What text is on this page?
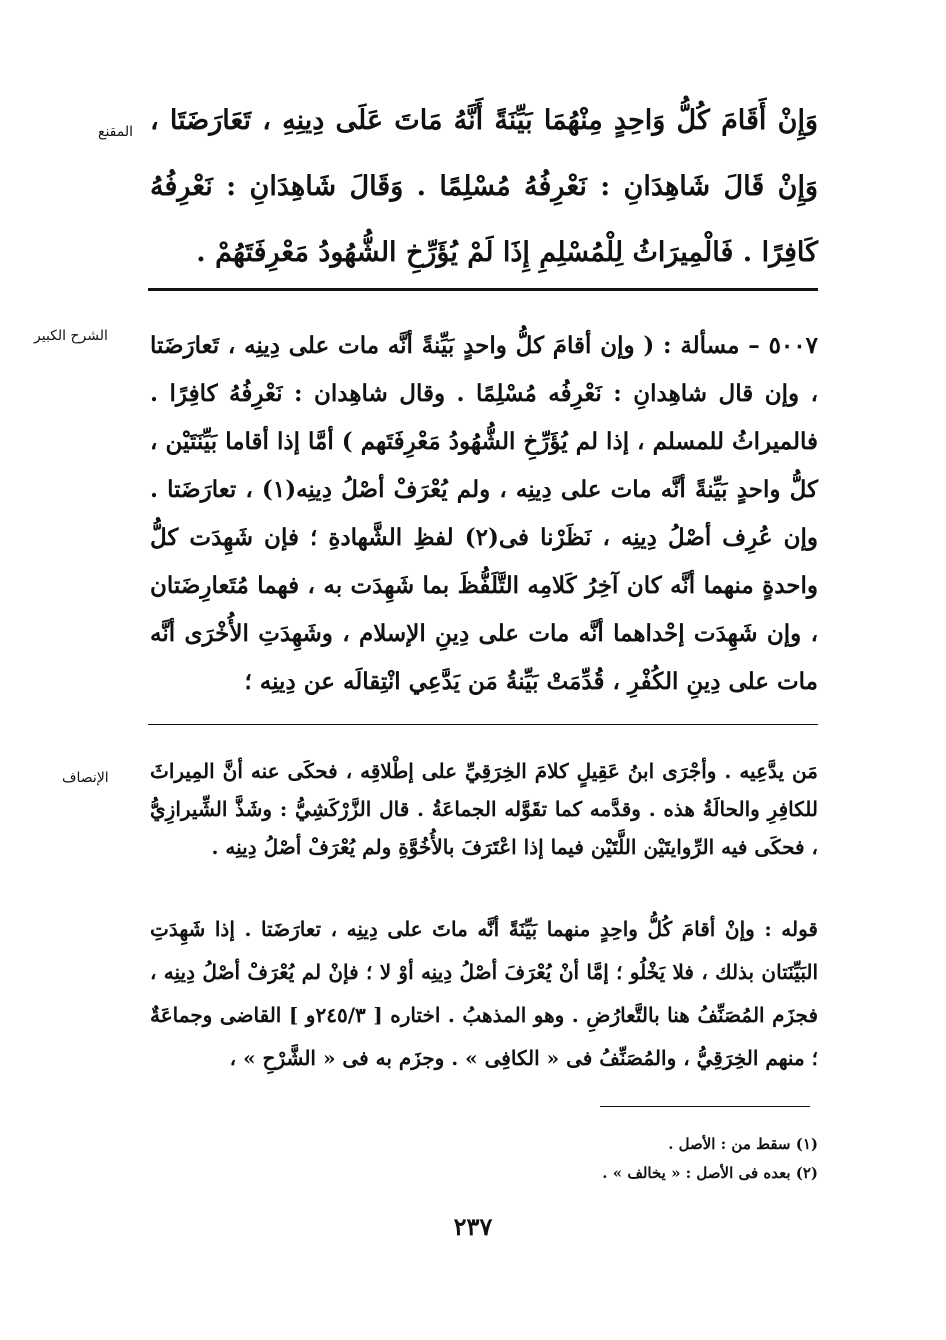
المقنع وَإِنْ أَقَامَ كُلُّ وَاحِدٍ مِنْهُمَا بَيِّنَةً أَنَّهُ مَاتَ عَلَى دِينِهِ ، تَعَارَضَتَا ، وَإِنْ قَالَ شَاهِدَانِ : نَعْرِفُهُ مُسْلِمًا . وَقَالَ شَاهِدَانِ : نَعْرِفُهُ كَافِرًا . فَالْمِيرَاثُ لِلْمُسْلِمِ إِذَا لَمْ يُؤَرِّخِ الشُّهُودُ مَعْرِفَتَهُمْ .
الشرح الكبير	٥٠٠٧ – مسألة : ( وإن أقامَ كلُّ واحدٍ بَيِّنةً أنَّه مات على دِينِه ، تَعارَضَتا ، وإن قال شاهِدانِ : نَعْرِفُه مُسْلِمًا . وقال شاهِدان : نَعْرِفُهُ كافِرًا . فالميراثُ للمسلم ، إذا لم يُؤَرِّخِ الشُّهُودُ مَعْرِفَتَهم ) أمَّا إذا أقاما بَيِّنَتَيْن ، كلُّ واحدٍ بَيِّنةً أنَّه مات على دِينِه ، ولم يُعْرَفْ أصْلُ دِينِه(١) ، تعارَضَتا . وإن عُرِف أصْلُ دِينِه ، نَظَرْنا فى(٢) لفظِ الشَّهادةِ ؛ فإن شَهِدَت كلُّ واحدةٍ منهما أنَّه كان آخِرُ كَلامِه التَّلَفُّظَ بما شَهِدَت به ، فهما مُتَعارِضَتان ، وإن شَهِدَت إحْداهما أنَّه مات على دِينِ الإسلام ، وشَهِدَتِ الأُخْرَى أنَّه مات على دِينِ الكُفْرِ ، قُدِّمَتْ بَيِّنةُ مَن يَدَّعِي انْتِقالَه عن دِينِه ؛
الإنصاف مَن يدَّعِيه . وأجْرَى ابنُ عَقِيلٍ كلامَ الخِرَقِيِّ على إطْلاقِه ، فحكَى عنه أنَّ المِيراثَ للكافِرِ والحالَةُ هذه . وقدَّمه كما تقَوَّله الجماعَةُ . قال الزَّرْكَشِيُّ : وشَذَّ الشِّيرازِيُّ ، فحكَى فيه الرِّوايتَيْن اللَّتَيْن فيما إذا اعْتَرَفَ بالأُخُوَّةِ ولم يُعْرَفْ أصْلُ دِينِه .
قوله : وإنْ أقامَ كُلُّ واحِدٍ منهما بَيِّنَةً أنَّه ماتَ على دِينِه ، تعارَضَتا . إذا شَهِدَتِ البَيِّنَتان بذلك ، فلا يَخْلُو ؛ إمَّا أنْ يُعْرَفَ أصْلُ دِينِه أوْ لا ؛ فإنْ لم يُعْرَفْ أصْلُ دِينِه ، فجزَم المُصَنِّفُ هنا بالتَّعارُضِ . وهو المذهبُ . اختاره [ ٢٤٥/٣و ] القاضى وجماعَةٌ ؛ منهم الخِرَقِيُّ ، والمُصَنِّفُ فى « الكافِى » . وجزَم به فى « الشَّرْحِ » ،
(١) سقط من : الأصل .
(٢) بعده فى الأصل : « يخالف » .
٢٣٧
